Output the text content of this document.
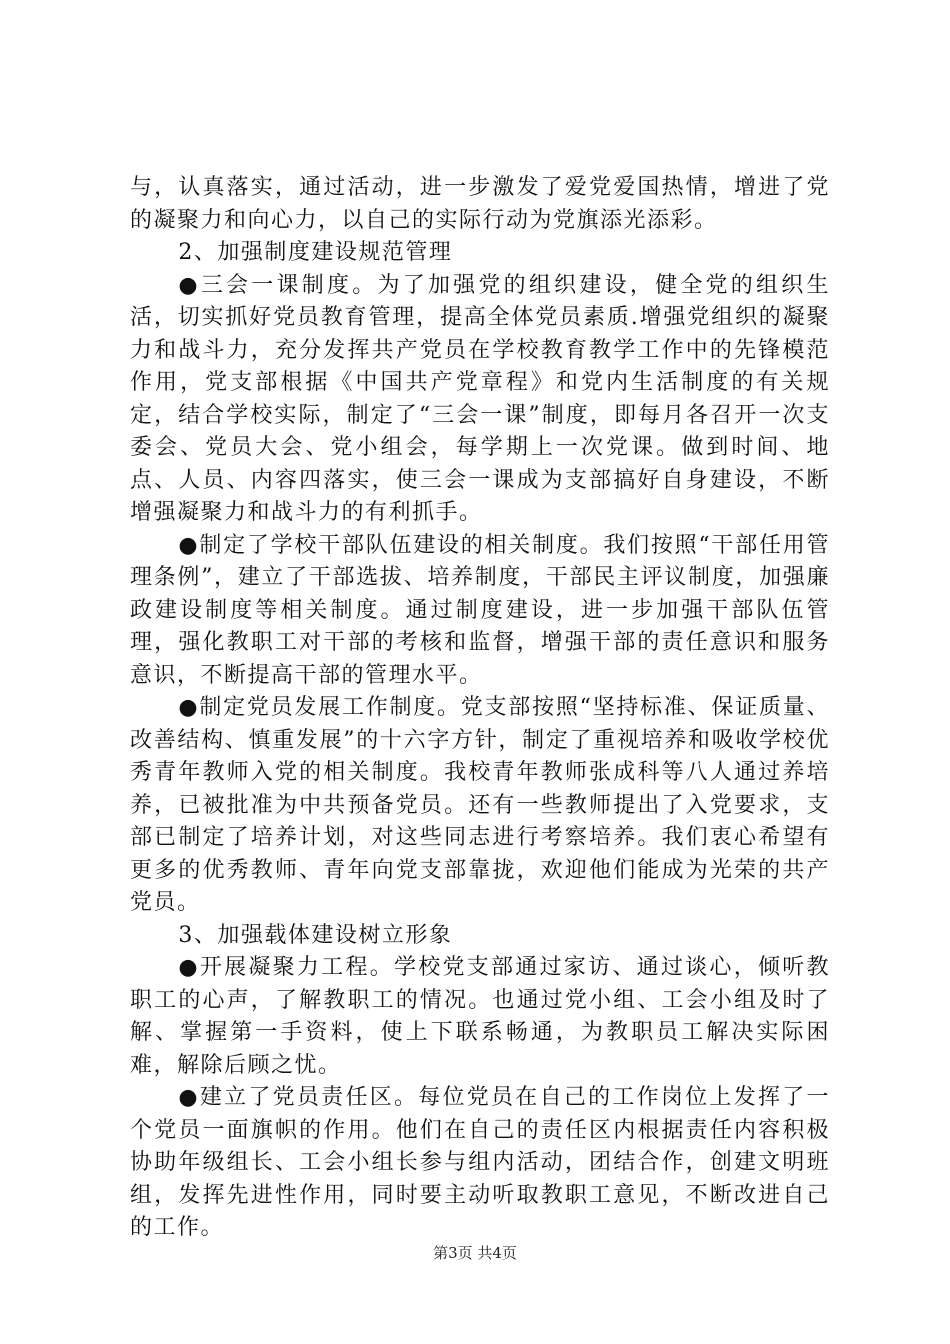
与，认真落实，通过活动，进一步激发了爱党爱国热情，增进了党的凝聚力和向心力，以自己的实际行动为党旗添光添彩。

2、加强制度建设规范管理

●三会一课制度。为了加强党的组织建设，健全党的组织生活，切实抓好党员教育管理，提高全体党员素质.增强党组织的凝聚力和战斗力，充分发挥共产党员在学校教育教学工作中的先锋模范作用，党支部根据《中国共产党章程》和党内生活制度的有关规定，结合学校实际，制定了“三会一课”制度，即每月各召开一次支委会、党员大会、党小组会，每学期上一次党课。做到时间、地点、人员、内容四落实，使三会一课成为支部搞好自身建设，不断增强凝聚力和战斗力的有利抓手。

●制定了学校干部队伍建设的相关制度。我们按照“干部任用管理条例”，建立了干部选拔、培养制度，干部民主评议制度，加强廉政建设制度等相关制度。通过制度建设，进一步加强干部队伍管理，强化教职工对干部的考核和监督，增强干部的责任意识和服务意识，不断提高干部的管理水平。

●制定党员发展工作制度。党支部按照“坚持标准、保证质量、改善结构、慎重发展”的十六字方针，制定了重视培养和吸收学校优秀青年教师入党的相关制度。我校青年教师张成科等八人通过养培养，已被批准为中共预备党员。还有一些教师提出了入党要求，支部已制定了培养计划，对这些同志进行考察培养。我们衷心希望有更多的优秀教师、青年向党支部靠拢，欢迎他们能成为光荣的共产党员。

3、加强载体建设树立形象

●开展凝聚力工程。学校党支部通过家访、通过谈心，倾听教职工的心声，了解教职工的情况。也通过党小组、工会小组及时了解、掌握第一手资料，使上下联系畅通，为教职员工解决实际困难，解除后顾之忧。

●建立了党员责任区。每位党员在自己的工作岗位上发挥了一个党员一面旗帜的作用。他们在自己的责任区内根据责任内容积极协助年级组长、工会小组长参与组内活动，团结合作，创建文明班组，发挥先进性作用，同时要主动听取教职工意见，不断改进自己的工作。

第3页 共4页
